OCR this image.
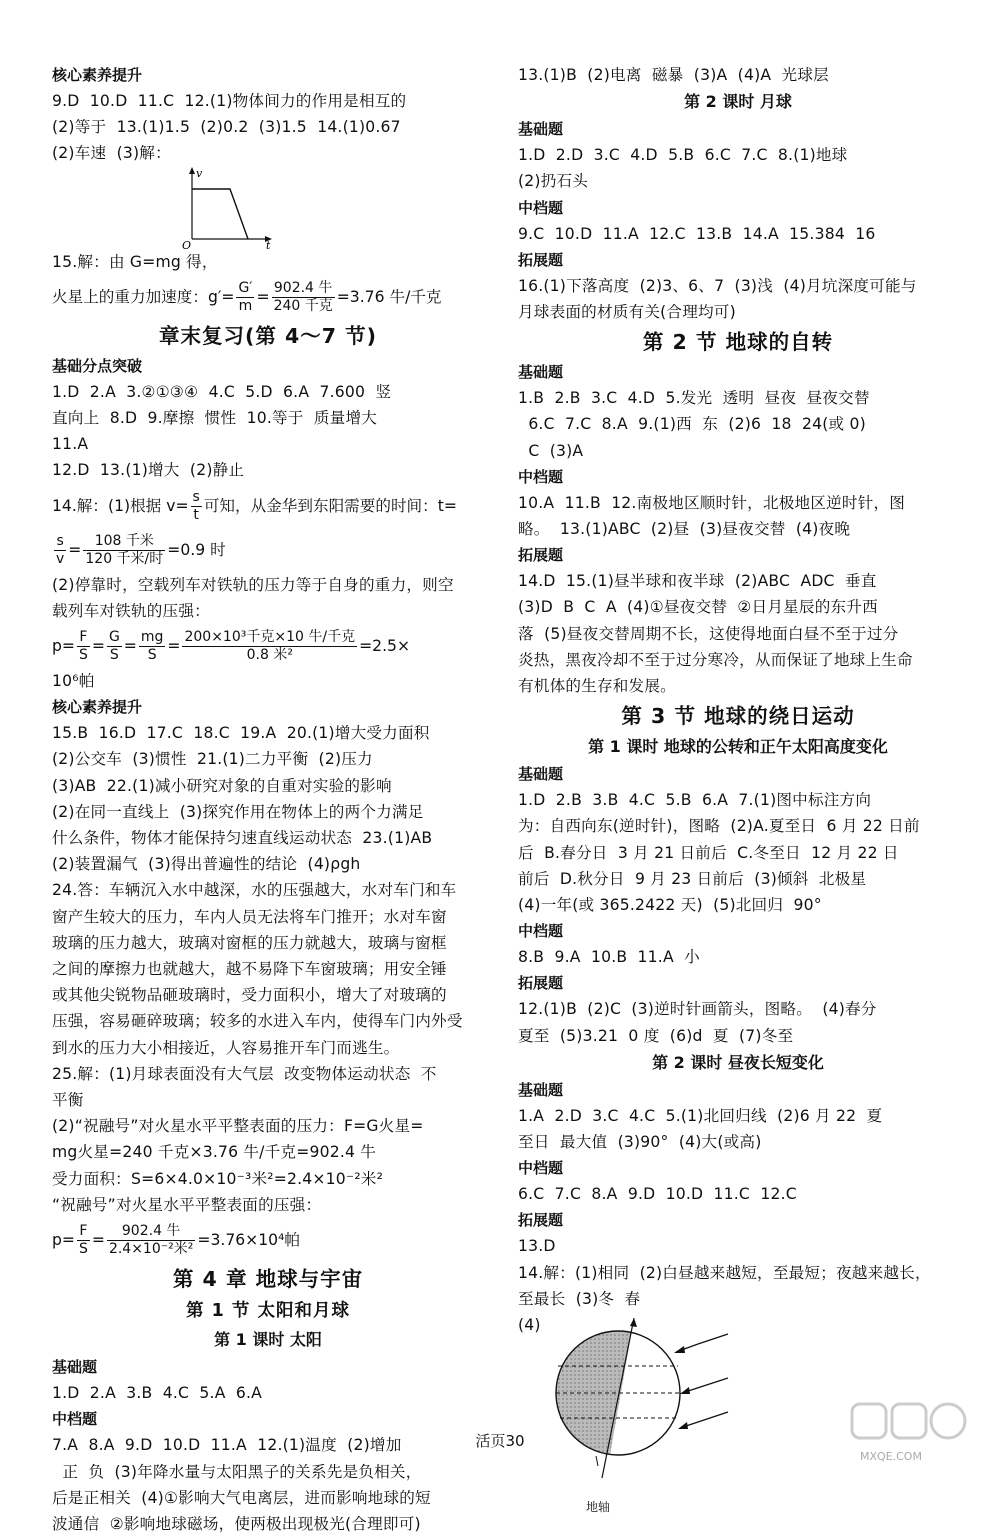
核心素养提升
9.D  10.D  11.C  12.(1)物体间力的作用是相互的
(2)等于  13.(1)1.5  (2)0.2  (3)1.5  14.(1)0.67
(2)车速  (3)解：
v
O	t
15.解：由 G=mg 得，
火星上的重力加速度：$g'= \frac{G'}{m} = \frac{\text{902.4 牛}}{\text{240 千克}} =3.76$ 牛/千克
章末复习(第 4～7 节)
基础分点突破
1.D  2.A  3.②①③④  4.C  5.D  6.A  7.600  竖
直向上  8.D  9.摩擦  惯性  10.等于  质量增大
11.A
12.D  13.(1)增大  (2)静止
14.解：(1)根据 $v= \frac{s}{t}$ 可知，从金华到东阳需要的时间：t=
$\frac{s}{v} = \frac{\text{108 千米}}{\text{120 千米/时}} =0.9$ 时
(2)停靠时，空载列车对铁轨的压力等于自身的重力，则空
载列车对铁轨的压强：
$p= \frac{F}{S} = \frac{G}{S} = \frac{mg}{S} = \frac{\text{200×10³千克×10 牛/千克}}{\text{0.8 米²}} =2.5\times$
10⁶帕
核心素养提升
15.B  16.D  17.C  18.C  19.A  20.(1)增大受力面积
(2)公交车  (3)惯性  21.(1)二力平衡  (2)压力
(3)AB  22.(1)减小研究对象的自重对实验的影响
(2)在同一直线上  (3)探究作用在物体上的两个力满足
什么条件，物体才能保持匀速直线运动状态  23.(1)AB
(2)装置漏气  (3)得出普遍性的结论  (4)ρgh
24.答：车辆沉入水中越深，水的压强越大，水对车门和车
窗产生较大的压力，车内人员无法将车门推开；水对车窗
玻璃的压力越大，玻璃对窗框的压力就越大，玻璃与窗框
之间的摩擦力也就越大，越不易降下车窗玻璃；用安全锤
或其他尖锐物品砸玻璃时，受力面积小，增大了对玻璃的
压强，容易砸碎玻璃；较多的水进入车内，使得车门内外受
到水的压力大小相接近，人容易推开车门而逃生。
25.解：(1)月球表面没有大气层  改变物体运动状态  不
平衡
(2)“祝融号”对火星水平平整表面的压力：F=G火星=
mg火星=240 千克×3.76 牛/千克=902.4 牛
受力面积：S=6×4.0×10⁻³米²=2.4×10⁻²米²
“祝融号”对火星水平平整表面的压强：
$p= \frac{F}{S} = \frac{\text{902.4 牛}}{\text{2.4×10⁻²米²}} =3.76\times 10^4$帕
第 4 章 地球与宇宙
第 1 节 太阳和月球
第 1 课时 太阳
基础题
1.D  2.A  3.B  4.C  5.A  6.A
中档题
7.A  8.A  9.D  10.D  11.A  12.(1)温度  (2)增加
正  负  (3)年降水量与太阳黑子的关系先是负相关，
后是正相关  (4)①影响大气电离层，进而影响地球的短
波通信  ②影响地球磁场，使两极出现极光(合理即可)
13.(1)B  (2)电离  磁暴  (3)A  (4)A  光球层
第 2 课时 月球
基础题
1.D  2.D  3.C  4.D  5.B  6.C  7.C  8.(1)地球
(2)扔石头
中档题
9.C  10.D  11.A  12.C  13.B  14.A  15.384  16
拓展题
16.(1)下落高度  (2)3、6、7  (3)浅  (4)月坑深度可能与
月球表面的材质有关(合理均可)
第 2 节 地球的自转
基础题
1.B  2.B  3.C  4.D  5.发光  透明  昼夜  昼夜交替
6.C  7.C  8.A  9.(1)西  东  (2)6  18  24(或 0)
C  (3)A
中档题
10.A  11.B  12.南极地区顺时针，北极地区逆时针，图
略。  13.(1)ABC  (2)昼  (3)昼夜交替  (4)夜晚
拓展题
14.D  15.(1)昼半球和夜半球  (2)ABC  ADC  垂直
(3)D  B  C  A  (4)①昼夜交替  ②日月星辰的东升西
落  (5)昼夜交替周期不长，这使得地面白昼不至于过分
炎热，黑夜冷却不至于过分寒冷，从而保证了地球上生命
有机体的生存和发展。
第 3 节 地球的绕日运动
第 1 课时 地球的公转和正午太阳高度变化
基础题
1.D  2.B  3.B  4.C  5.B  6.A  7.(1)图中标注方向
为：自西向东(逆时针)，图略  (2)A.夏至日  6 月 22 日前
后  B.春分日  3 月 21 日前后  C.冬至日  12 月 22 日
前后  D.秋分日  9 月 23 日前后  (3)倾斜  北极星
(4)一年(或 365.2422 天)  (5)北回归  90°
中档题
8.B  9.A  10.B  11.A  小
拓展题
12.(1)B  (2)C  (3)逆时针画箭头，图略。  (4)春分
夏至  (5)3.21  0 度  (6)d  夏  (7)冬至
第 2 课时 昼夜长短变化
基础题
1.A  2.D  3.C  4.C  5.(1)北回归线  (2)6 月 22  夏
至日  最大值  (3)90°  (4)大(或高)
中档题
6.C  7.C  8.A  9.D  10.D  11.C  12.C
拓展题
13.D
14.解：(1)相同  (2)白昼越来越短，至最短；夜越来越长，
至最长  (3)冬  春
(4)
地轴
活页30
MXQE.COM
